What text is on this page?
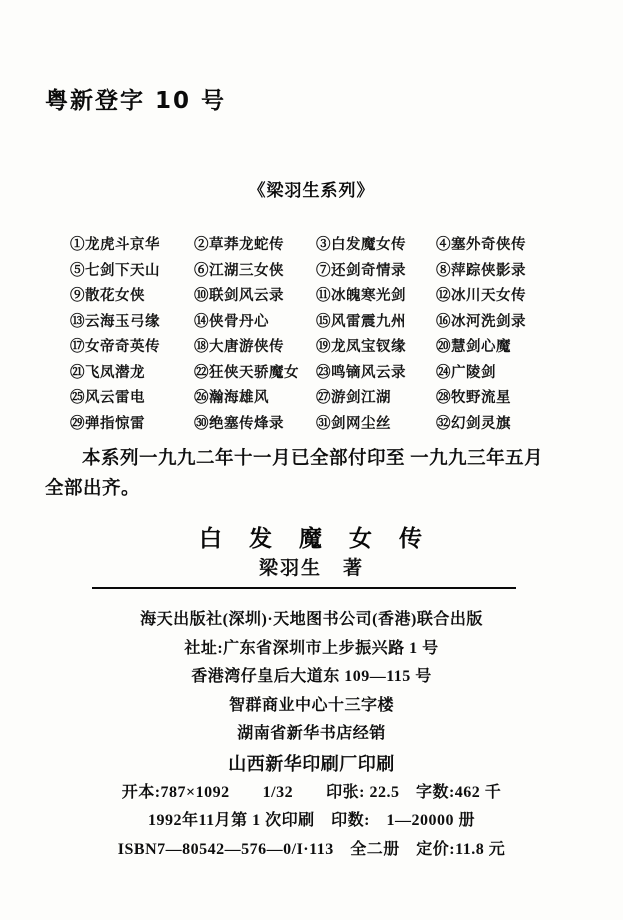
粤新登字 10 号
《梁羽生系列》
①龙虎斗京华	②草莽龙蛇传	③白发魔女传	④塞外奇侠传
⑤七剑下天山	⑥江湖三女侠	⑦还剑奇情录	⑧萍踪侠影录
⑨散花女侠	⑩联剑风云录	⑪冰魄寒光剑	⑫冰川天女传
⑬云海玉弓缘	⑭侠骨丹心	⑮风雷震九州	⑯冰河洗剑录
⑰女帝奇英传	⑱大唐游侠传	⑲龙凤宝钗缘	⑳慧剑心魔
㉑飞凤潜龙	㉒狂侠天骄魔女	㉓鸣镝风云录	㉔广陵剑
㉕风云雷电	㉖瀚海雄风	㉗游剑江湖	㉘牧野流星
㉙弹指惊雷	㉚绝塞传烽录	㉛剑网尘丝	㉜幻剑灵旗
本系列一九九二年十一月已全部付印至 一九九三年五月
全部出齐。
白　发　魔　女　传
梁羽生　著
海天出版社(深圳)·天地图书公司(香港)联合出版
社址:广东省深圳市上步振兴路 1 号
香港湾仔皇后大道东 109—115 号
智群商业中心十三字楼
湖南省新华书店经销
山西新华印刷厂印刷
开本:787×1092　　1/32　　印张: 22.5　字数:462 千
1992年11月第 1 次印刷　印数:　1—20000 册
ISBN7—80542—576—0/I·113　全二册　定价:11.8 元
